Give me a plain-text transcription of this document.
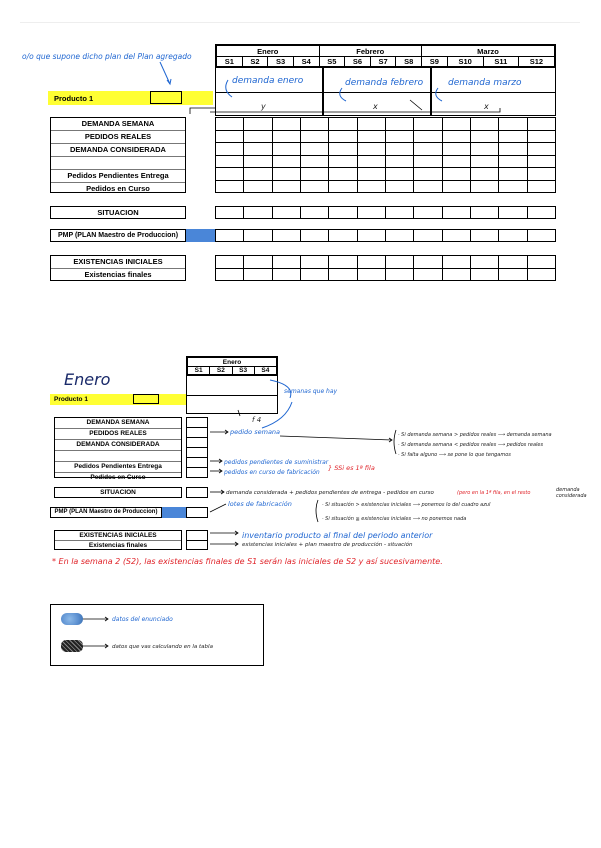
o/o que supone dicho plan del Plan agregado
Enero				Febrero				Marzo			
S1	S2	S3	S4	S5	S6	S7	S8	S9	S10	S11	S12
demanda enero	demanda febrero	demanda marzo
y	x	x
Producto 1
DEMANDA SEMANA
PEDIDOS REALES
DEMANDA CONSIDERADA
Pedidos Pendientes Entrega
Pedidos en Curso
SITUACION
PMP (PLAN Maestro de Produccion)
EXISTENCIAS INICIALES
Existencias finales

Enero
Enero
S1	S2	S3	S4
Producto 1
semanas que hay
f 4
DEMANDA SEMANA
PEDIDOS REALES
DEMANDA CONSIDERADA
Pedidos Pendientes Entrega
Pedidos en Curso
SITUACION
PMP (PLAN Maestro de Produccion)
EXISTENCIAS INICIALES
Existencias finales

pedido semana	· Si demanda semana > pedidos reales ⟶ demanda semana
· Si demanda semana < pedidos reales ⟶ pedidos reales
· Si falta alguno ⟶ se pone lo que tengamos
pedidos pendientes de suministrar
pedidos en curso de fabricación
} SSi es 1ª fila
demanda considerada + pedidos pendientes de entrega - pedidos en curso	(pero en la 1ª fila, en el resto	demanda considerada
lotes de fabricación	· Si situación > existencias iniciales ⟶ ponemos lo del cuadro azul
· Si situación ≦ existencias iniciales ⟶ no ponemos nada
inventario producto al final del periodo anterior
existencias iniciales + plan maestro de producción - situación
* En la semana 2 (S2), las existencias finales de S1 serán las iniciales de S2 y así sucesivamente.
datos del enunciado
datos que vas calculando en la tabla
